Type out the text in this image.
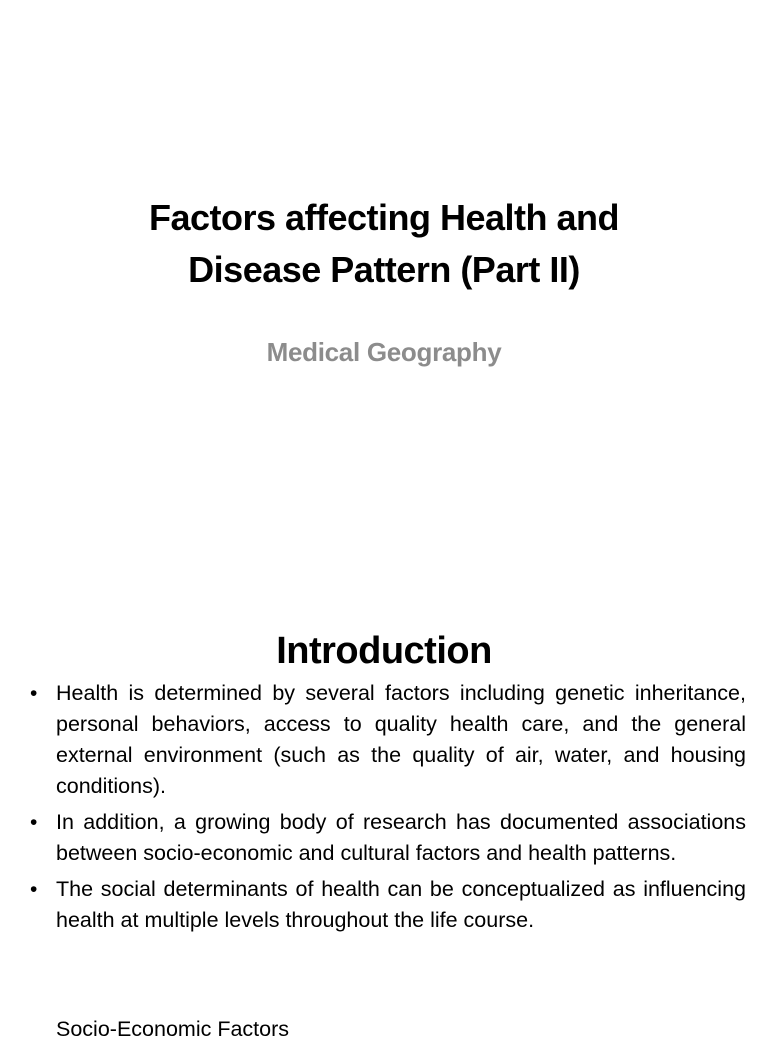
Factors affecting Health and
Disease Pattern (Part II)
Medical Geography
Introduction
• Health is determined by several factors including genetic inheritance, personal behaviors, access to quality health care, and the general external environment (such as the quality of air, water, and housing conditions).
• In addition, a growing body of research has documented associations between socio-economic and cultural factors and health patterns.
• The social determinants of health can be conceptualized as influencing health at multiple levels throughout the life course.
Socio-Economic Factors
